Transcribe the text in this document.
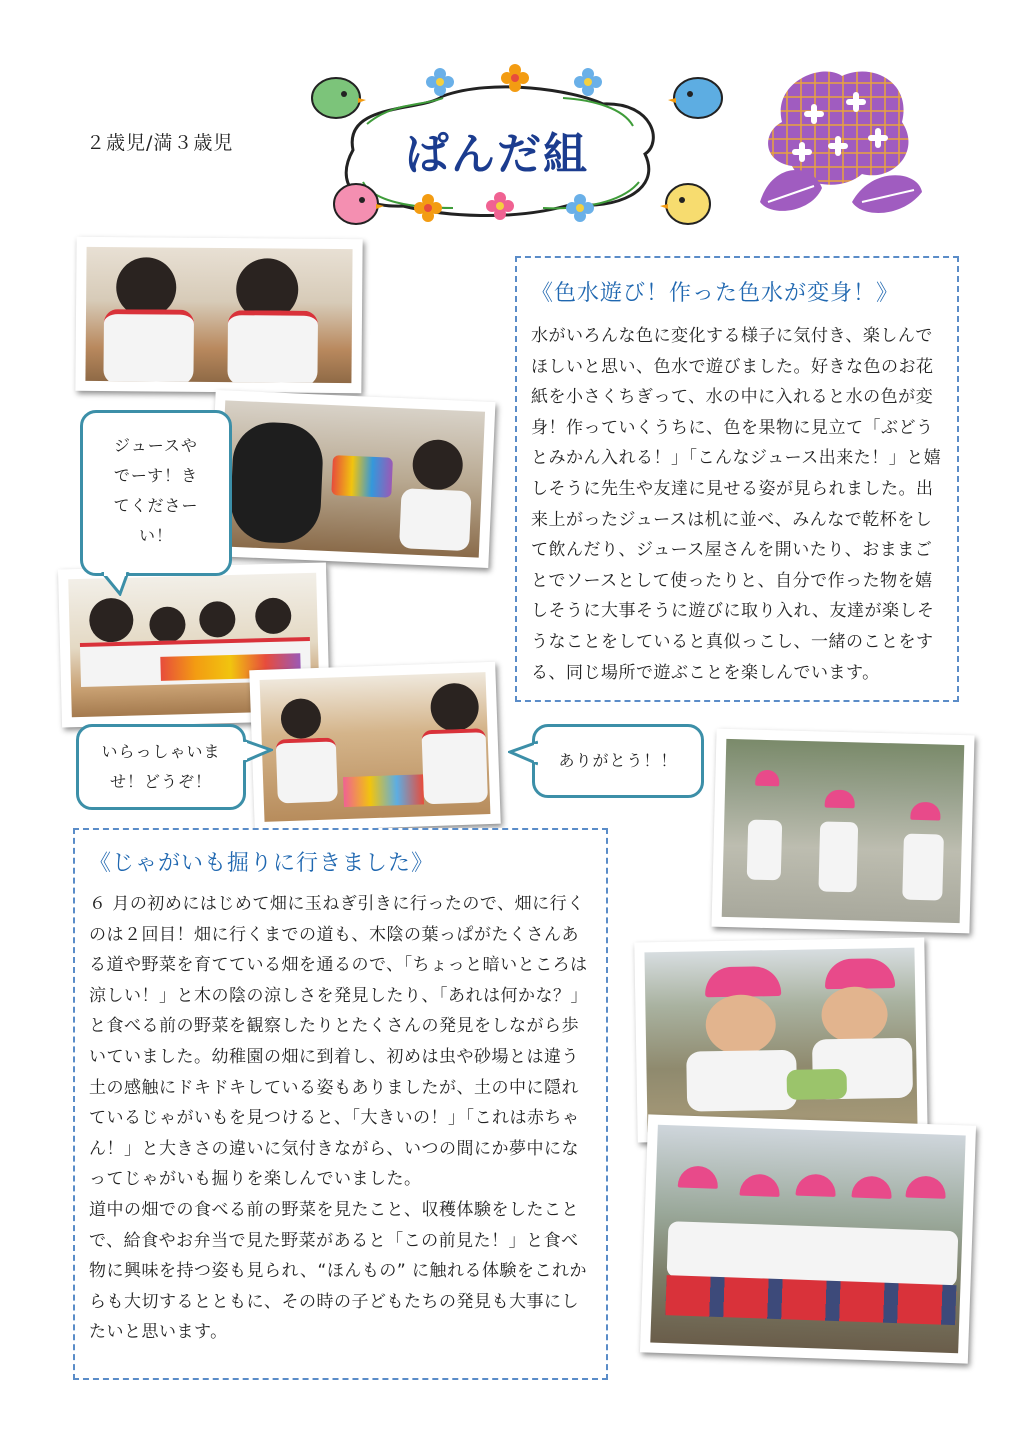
２歳児/満３歳児	ぱんだ組
ジュースやでーす！きてくださーい！
いらっしゃいませ！どうぞ！
ありがとう！！
《色水遊び！作った色水が変身！》
水がいろんな色に変化する様子に気付き、楽しんでほしいと思い、色水で遊びました。好きな色のお花紙を小さくちぎって、水の中に入れると水の色が変身！作っていくうちに、色を果物に見立て「ぶどうとみかん入れる！」「こんなジュース出来た！」と嬉しそうに先生や友達に見せる姿が見られました。出来上がったジュースは机に並べ、みんなで乾杯をして飲んだり、ジュース屋さんを開いたり、おままごとでソースとして使ったりと、自分で作った物を嬉しそうに大事そうに遊びに取り入れ、友達が楽しそうなことをしていると真似っこし、一緒のことをする、同じ場所で遊ぶことを楽しんでいます。
《じゃがいも掘りに行きました》
６ 月の初めにはじめて畑に玉ねぎ引きに行ったので、畑に行くのは２回目！畑に行くまでの道も、木陰の葉っぱがたくさんある道や野菜を育てている畑を通るので、「ちょっと暗いところは涼しい！」と木の陰の涼しさを発見したり、「あれは何かな？」と食べる前の野菜を観察したりとたくさんの発見をしながら歩いていました。幼稚園の畑に到着し、初めは虫や砂場とは違う土の感触にドキドキしている姿もありましたが、土の中に隠れているじゃがいもを見つけると、「大きいの！」「これは赤ちゃん！」と大きさの違いに気付きながら、いつの間にか夢中になってじゃがいも掘りを楽しんでいました。
道中の畑での食べる前の野菜を見たこと、収穫体験をしたことで、給食やお弁当で見た野菜があると「この前見た！」と食べ物に興味を持つ姿も見られ、“ほんもの” に触れる体験をこれからも大切するとともに、その時の子どもたちの発見も大事にしたいと思います。
